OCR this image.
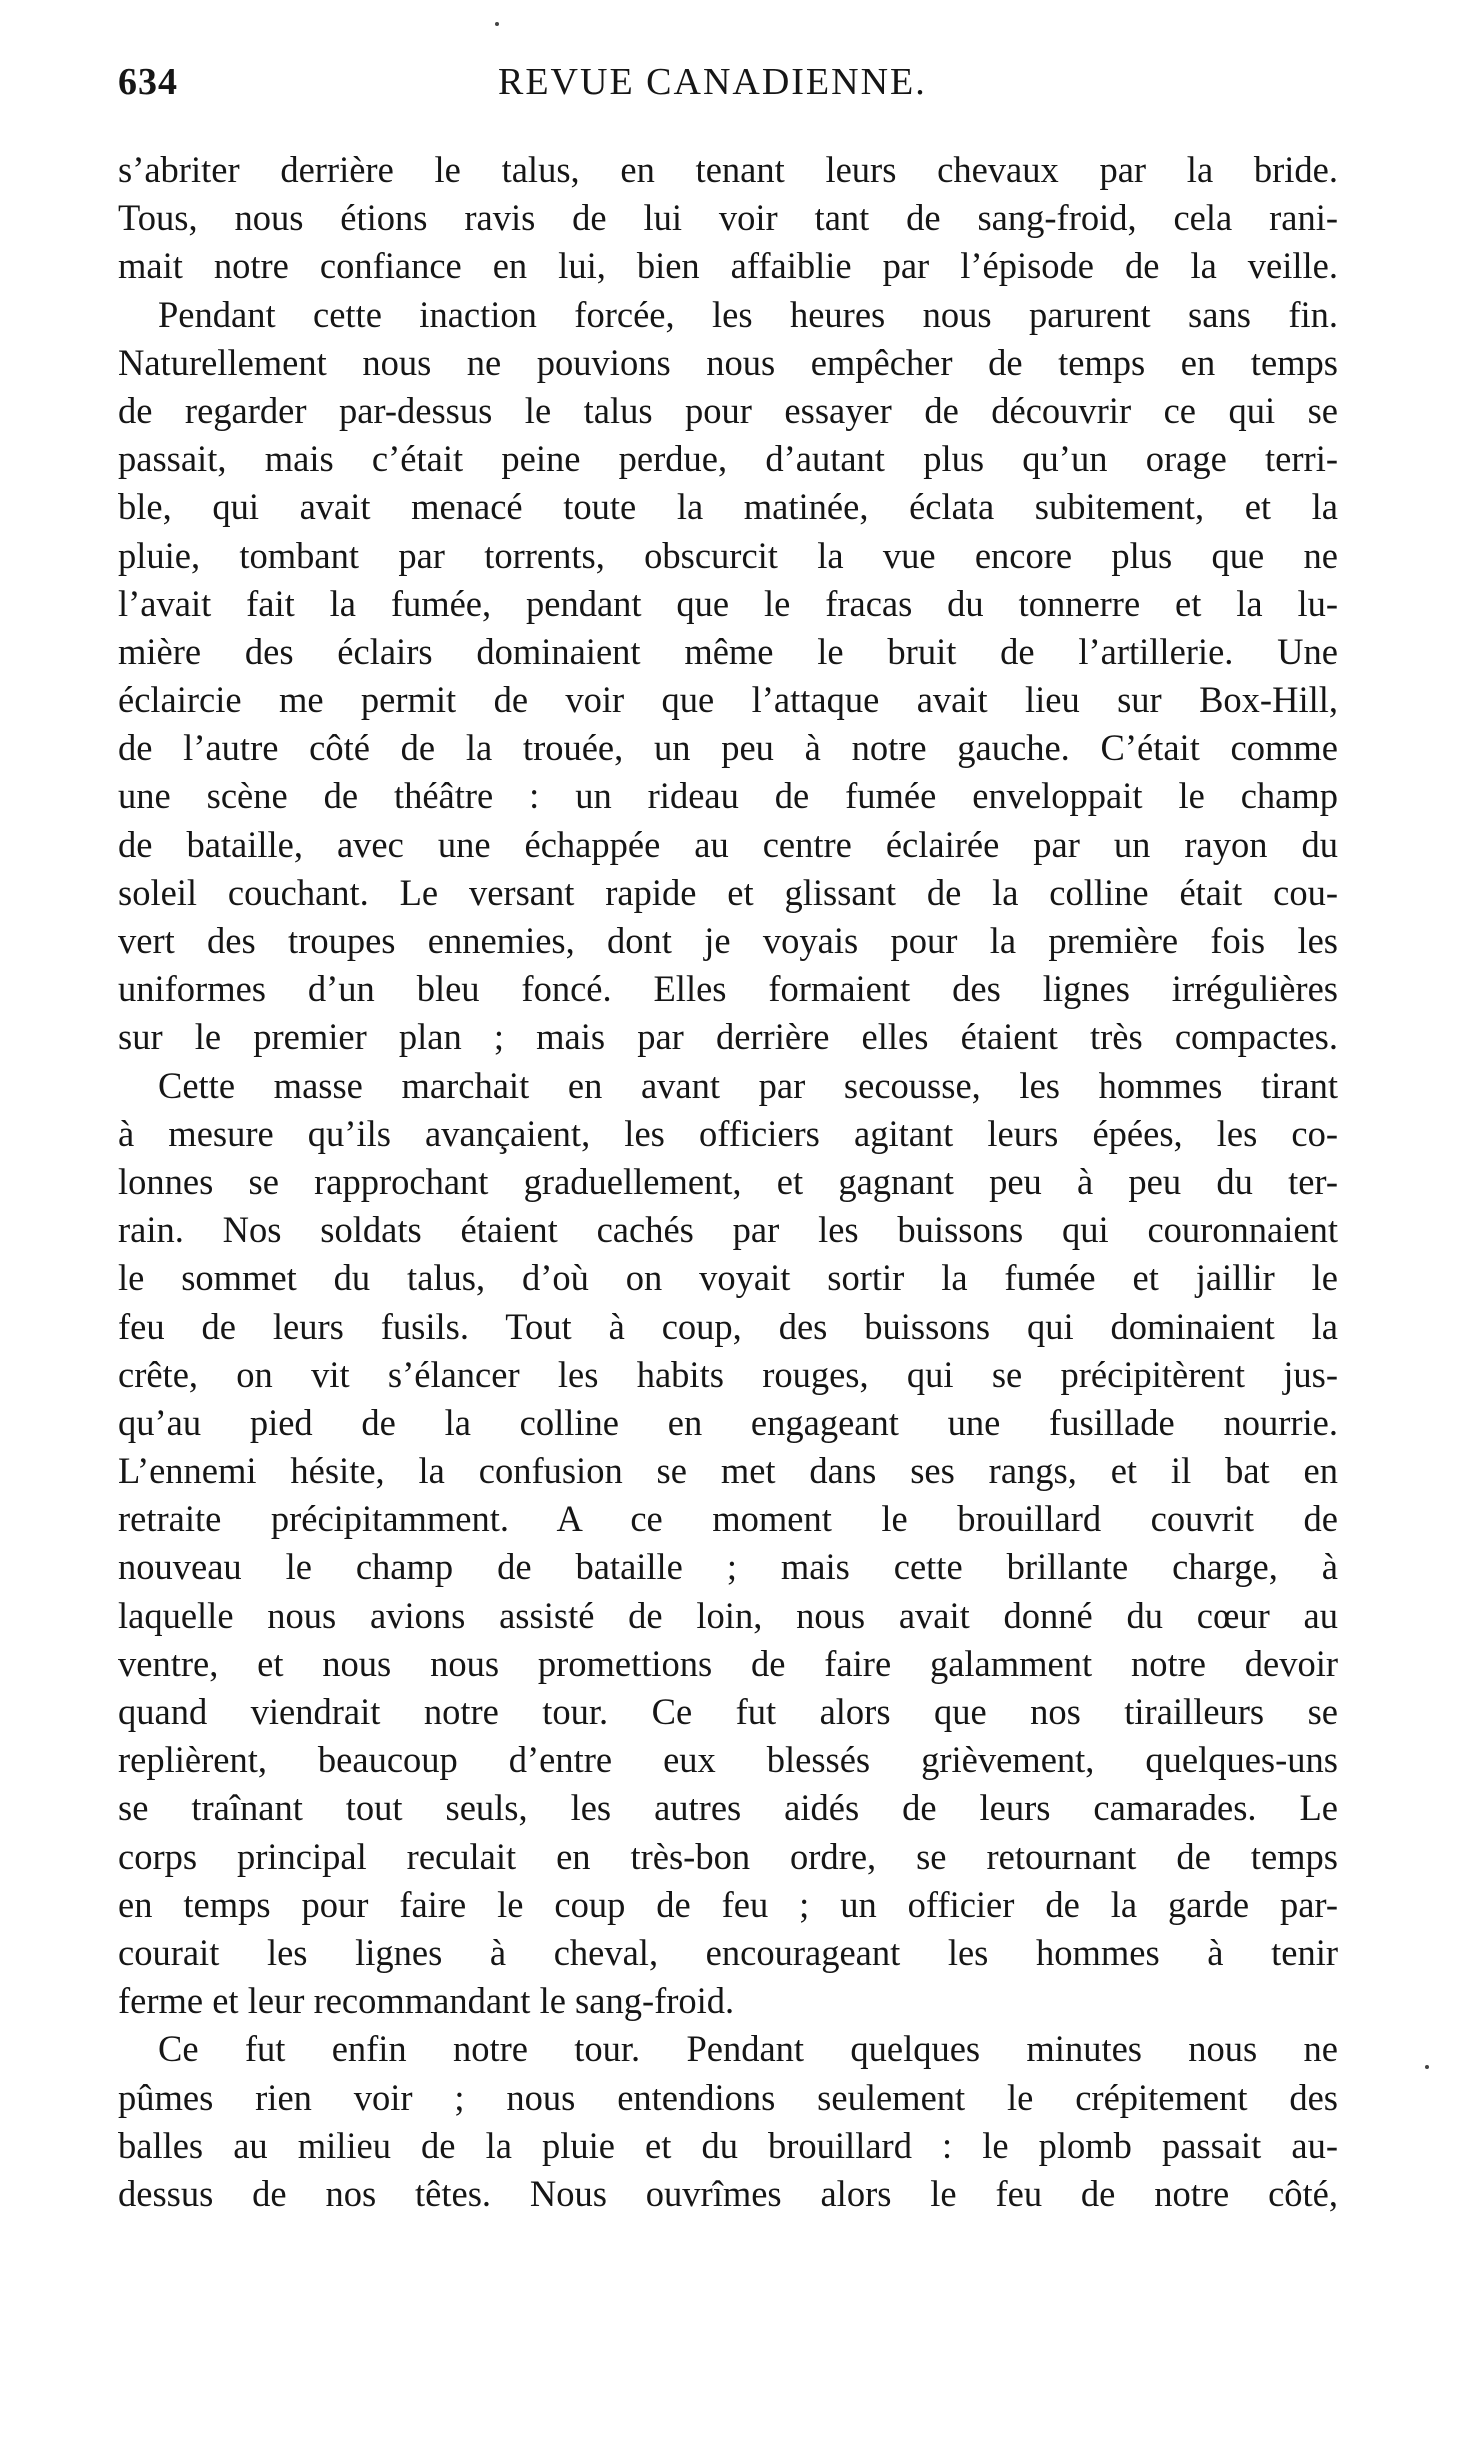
634	REVUE CANADIENNE.
s’abriter derrière le talus, en tenant leurs chevaux par la bride.
Tous, nous étions ravis de lui voir tant de sang-froid, cela rani-
mait notre confiance en lui, bien affaiblie par l’épisode de la veille.
Pendant cette inaction forcée, les heures nous parurent sans fin.
Naturellement nous ne pouvions nous empêcher de temps en temps
de regarder par-dessus le talus pour essayer de découvrir ce qui se
passait, mais c’était peine perdue, d’autant plus qu’un orage terri-
ble, qui avait menacé toute la matinée, éclata subitement, et la
pluie, tombant par torrents, obscurcit la vue encore plus que ne
l’avait fait la fumée, pendant que le fracas du tonnerre et la lu-
mière des éclairs dominaient même le bruit de l’artillerie. Une
éclaircie me permit de voir que l’attaque avait lieu sur Box-Hill,
de l’autre côté de la trouée, un peu à notre gauche. C’était comme
une scène de théâtre : un rideau de fumée enveloppait le champ
de bataille, avec une échappée au centre éclairée par un rayon du
soleil couchant. Le versant rapide et glissant de la colline était cou-
vert des troupes ennemies, dont je voyais pour la première fois les
uniformes d’un bleu foncé. Elles formaient des lignes irrégulières
sur le premier plan ; mais par derrière elles étaient très compactes.
Cette masse marchait en avant par secousse, les hommes tirant
à mesure qu’ils avançaient, les officiers agitant leurs épées, les co-
lonnes se rapprochant graduellement, et gagnant peu à peu du ter-
rain. Nos soldats étaient cachés par les buissons qui couronnaient
le sommet du talus, d’où on voyait sortir la fumée et jaillir le
feu de leurs fusils. Tout à coup, des buissons qui dominaient la
crête, on vit s’élancer les habits rouges, qui se précipitèrent jus-
qu’au pied de la colline en engageant une fusillade nourrie.
L’ennemi hésite, la confusion se met dans ses rangs, et il bat en
retraite précipitamment. A ce moment le brouillard couvrit de
nouveau le champ de bataille ; mais cette brillante charge, à
laquelle nous avions assisté de loin, nous avait donné du cœur au
ventre, et nous nous promettions de faire galamment notre devoir
quand viendrait notre tour. Ce fut alors que nos tirailleurs se
replièrent, beaucoup d’entre eux blessés grièvement, quelques-uns
se traînant tout seuls, les autres aidés de leurs camarades. Le
corps principal reculait en très-bon ordre, se retournant de temps
en temps pour faire le coup de feu ; un officier de la garde par-
courait les lignes à cheval, encourageant les hommes à tenir
ferme et leur recommandant le sang-froid.
Ce fut enfin notre tour. Pendant quelques minutes nous ne
pûmes rien voir ; nous entendions seulement le crépitement des
balles au milieu de la pluie et du brouillard : le plomb passait au-
dessus de nos têtes. Nous ouvrîmes alors le feu de notre côté,
